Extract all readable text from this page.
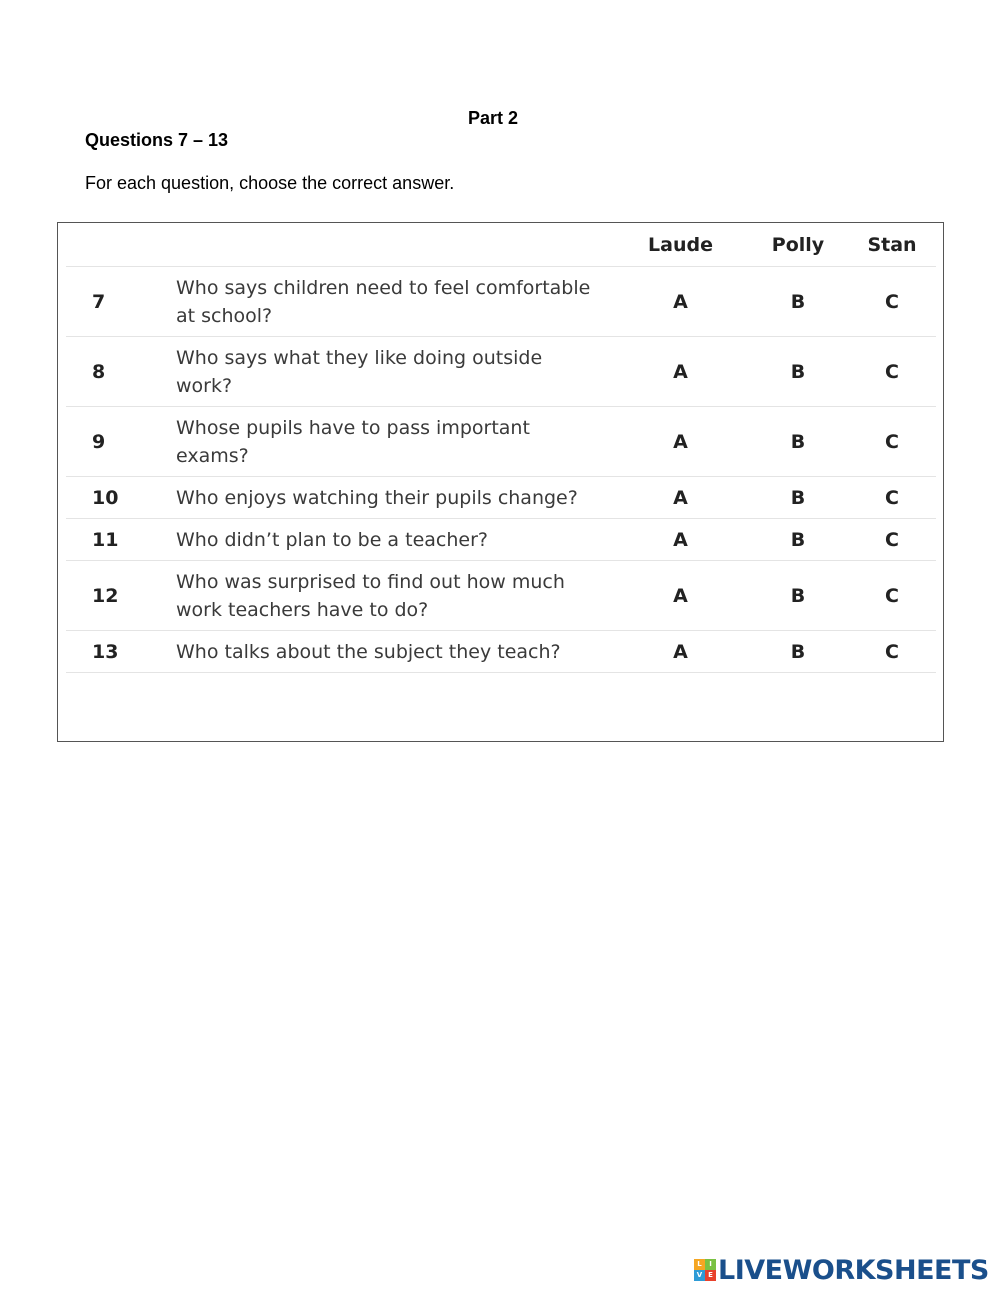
Part 2
Questions 7 – 13
For each question, choose the correct answer.
		Laude	Polly	Stan
7	Who says children need to feel comfortable
at school?	A	B	C
8	Who says what they like doing outside
work?	A	B	C
9	Whose pupils have to pass important
exams?	A	B	C
10	Who enjoys watching their pupils change?	A	B	C
11	Who didn’t plan to be a teacher?	A	B	C
12	Who was surprised to find out how much
work teachers have to do?	A	B	C
13	Who talks about the subject they teach?	A	B	C
L	I
V E LIVEWORKSHEETS
